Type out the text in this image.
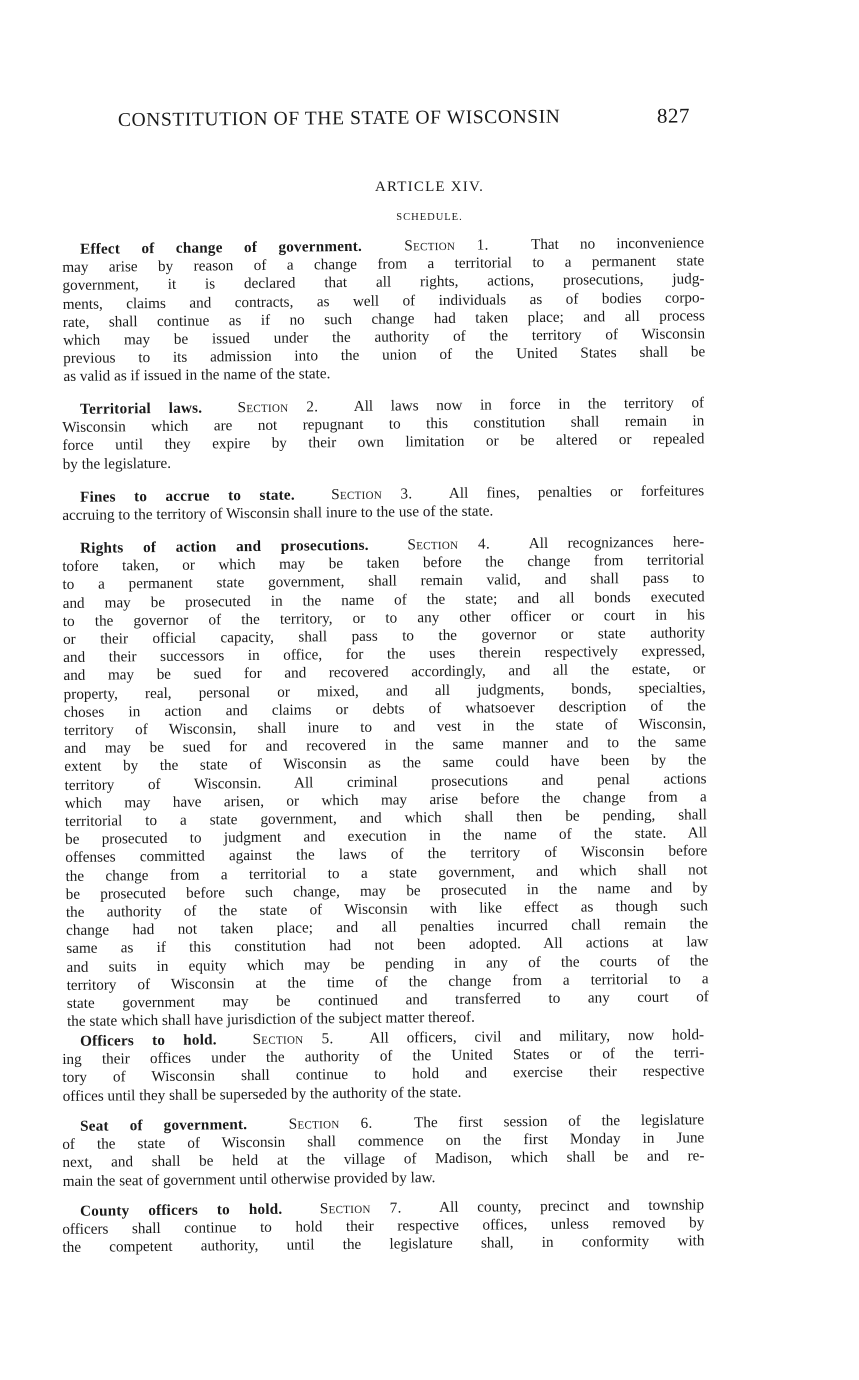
CONSTITUTION OF THE STATE OF WISCONSIN	827
ARTICLE XIV.
SCHEDULE.
Effect of change of government.	Section 1.	That no inconvenience
may arise by reason of a change from a territorial to a permanent state
government, it is declared that all rights, actions, prosecutions, judg-
ments, claims and contracts, as well of individuals as of bodies corpo-
rate, shall continue as if no such change had taken place; and all process
which may be issued under the authority of the territory of Wisconsin
previous to its admission into the union of the United States shall be
as valid as if issued in the name of the state.
Territorial laws. Section 2. All laws now in force in the territory of
Wisconsin which are not repugnant to this constitution shall remain in
force until they expire by their own limitation or be altered or repealed
by the legislature.
Fines to accrue to state. Section 3. All fines, penalties or forfeitures
accruing to the territory of Wisconsin shall inure to the use of the state.
Rights of action and prosecutions.	Section 4.	All recognizances here-
tofore taken, or which may be taken before the change from territorial
to a permanent state government, shall remain valid, and shall pass to
and may be prosecuted in the name of the state; and all bonds executed
to the governor of the territory, or to any other officer or court in his
or their official capacity, shall pass to the governor or state authority
and their successors in office, for the uses therein respectively expressed,
and may be sued for and recovered accordingly, and all the estate, or
property, real, personal or mixed, and all judgments, bonds, specialties,
choses in action and claims or debts of whatsoever description of the
territory of Wisconsin, shall inure to and vest in the state of Wisconsin,
and may be sued for and recovered in the same manner and to the same
extent by the state of Wisconsin as the same could have been by the
territory of Wisconsin. All criminal prosecutions and penal actions
which may have arisen, or which may arise before the change from a
territorial to a state government, and which shall then be pending, shall
be prosecuted to judgment and execution in the name of the state. All
offenses committed against the laws of the territory of Wisconsin before
the change from a territorial to a state government, and which shall not
be prosecuted before such change, may be prosecuted in the name and by
the authority of the state of Wisconsin with like effect as though such
change had not taken place; and all penalties incurred chall remain the
same as if this constitution had not been adopted. All actions at law
and suits in equity which may be pending in any of the courts of the
territory of Wisconsin at the time of the change from a territorial to a
state government may be continued and transferred to any court of
the state which shall have jurisdiction of the subject matter thereof.
Officers to hold. Section 5. All officers, civil and military, now hold-
ing their offices under the authority of the United States or of the terri-
tory of Wisconsin shall continue to hold and exercise their respective
offices until they shall be superseded by the authority of the state.
Seat of government.	Section 6.	The first session of the legislature
of the state of Wisconsin shall commence on the first Monday in June
next, and shall be held at the village of Madison, which shall be and re-
main the seat of government until otherwise provided by law.
County officers to hold. Section 7. All county, precinct and township
officers shall continue to hold their respective offices, unless removed by
the competent authority, until the legislature shall, in conformity with
